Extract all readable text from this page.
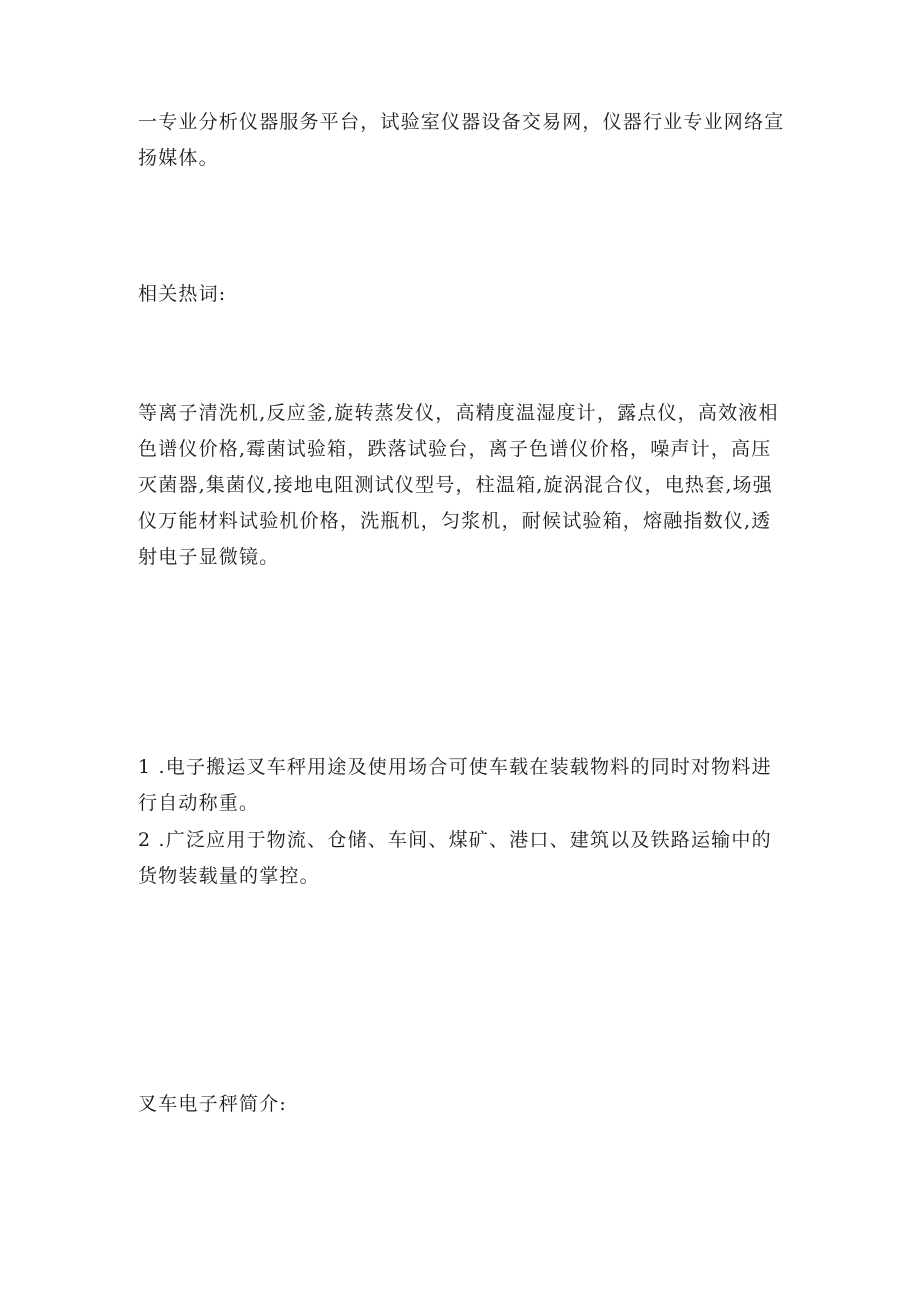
一专业分析仪器服务平台，试验室仪器设备交易网，仪器行业专业网络宣扬媒体。

相关热词:

等离子清洗机,反应釜,旋转蒸发仪，高精度温湿度计，露点仪，高效液相色谱仪价格,霉菌试验箱，跌落试验台，离子色谱仪价格，噪声计，高压灭菌器,集菌仪,接地电阻测试仪型号，柱温箱,旋涡混合仪，电热套,场强仪万能材料试验机价格，洗瓶机，匀浆机，耐候试验箱，熔融指数仪,透射电子显微镜。

1 .电子搬运叉车秤用途及使用场合可使车载在装载物料的同时对物料进行自动称重。

2 .广泛应用于物流、仓储、车间、煤矿、港口、建筑以及铁路运输中的货物装载量的掌控。

叉车电子秤简介:
